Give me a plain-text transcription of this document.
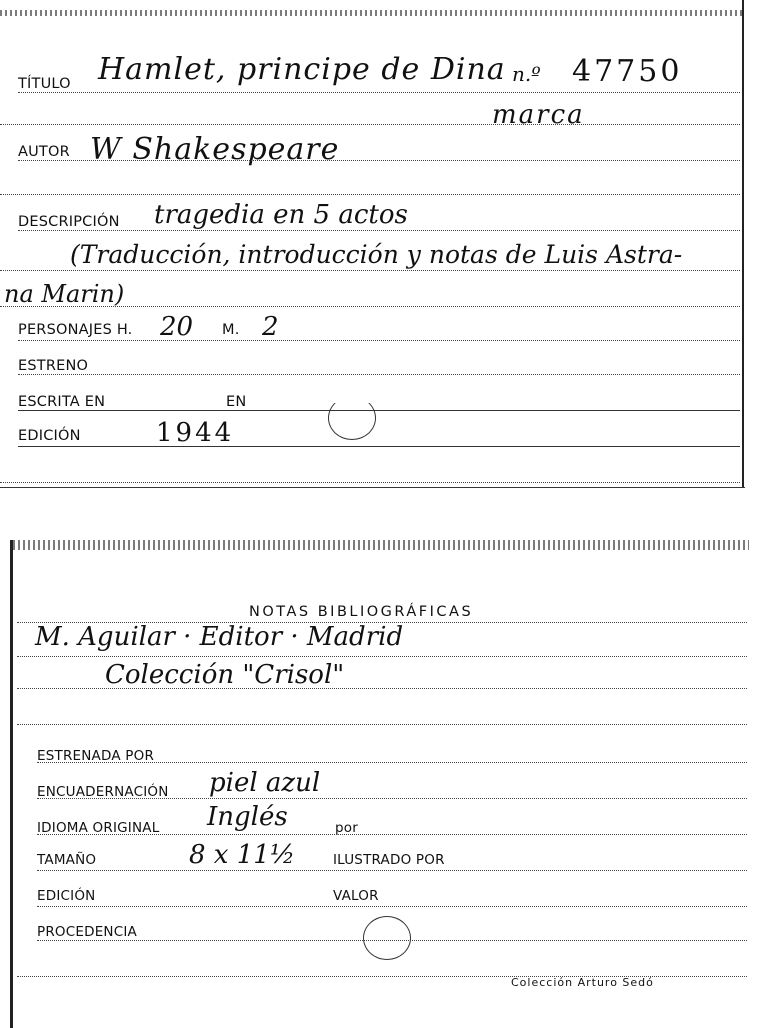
TÍTULO Hamlet, principe de Dina n.º 47750
marca
AUTOR W Shakespeare
DESCRIPCIÓN tragedia en 5 actos
(Traducción, introducción y notas de Luis Astra-
na Marin)
PERSONAJES H. 20 M. 2
ESTRENO
ESCRITA EN	EN
EDICIÓN	1944
NOTAS BIBLIOGRÁFICAS
M. Aguilar · Editor · Madrid
Colección "Crisol"
ESTRENADA POR
ENCUADERNACIÓN piel azul
IDIOMA ORIGINAL Inglés	por
TAMAÑO	8 x 11½	ILUSTRADO POR
EDICIÓN	VALOR
PROCEDENCIA
Colección Arturo Sedó
